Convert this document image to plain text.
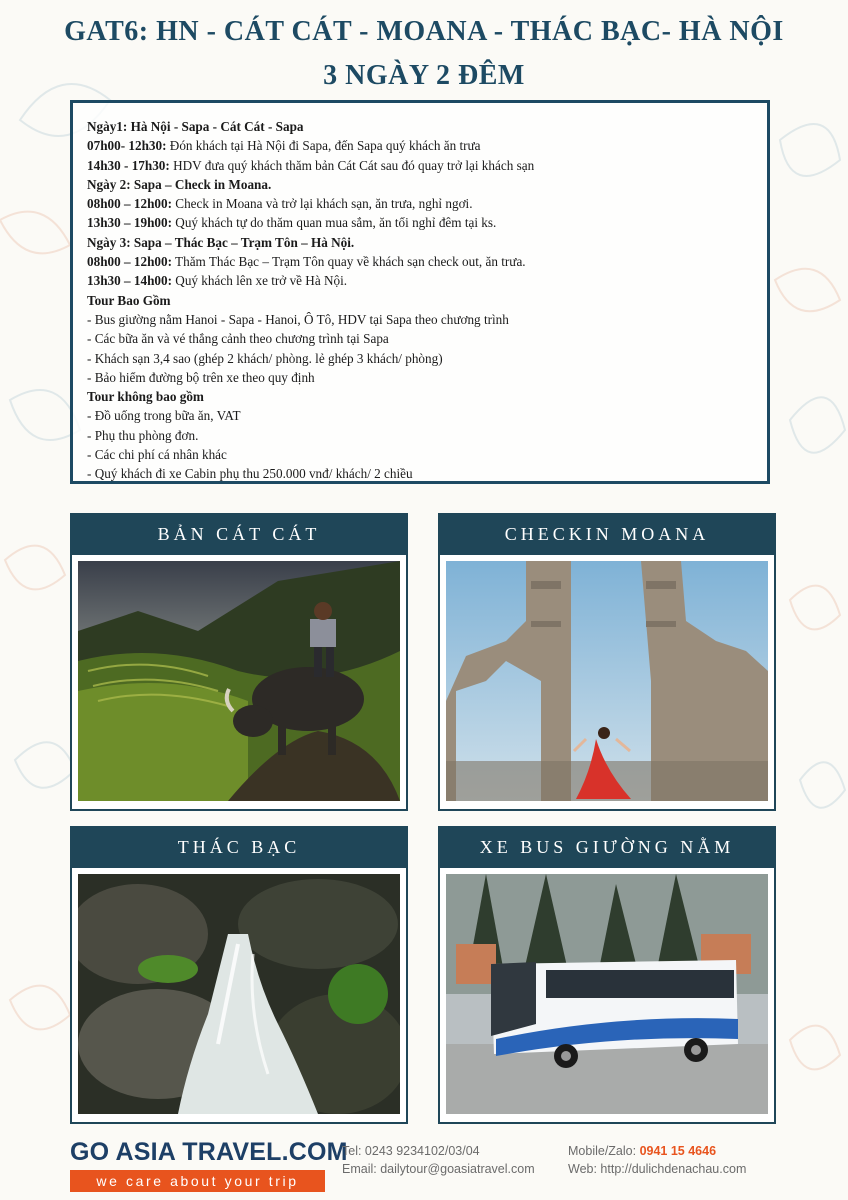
GAT6: HN - CÁT CÁT - MOANA - THÁC BẠC- HÀ NỘI
3 NGÀY 2 ĐÊM
Ngày1: Hà Nội - Sapa - Cát Cát - Sapa
07h00- 12h30: Đón khách tại Hà Nội đi Sapa, đến Sapa quý khách ăn trưa
14h30 - 17h30: HDV đưa quý khách thăm bản Cát Cát sau đó quay trở lại khách sạn
Ngày 2: Sapa – Check in Moana.
08h00 – 12h00: Check in Moana và trở lại khách sạn, ăn trưa, nghỉ ngơi.
13h30 – 19h00: Quý khách tự do thăm quan mua sắm, ăn tối nghỉ đêm tại ks.
Ngày 3: Sapa – Thác Bạc – Trạm Tôn – Hà Nội.
08h00 – 12h00: Thăm Thác Bạc – Trạm Tôn quay về khách sạn check out, ăn trưa.
13h30 – 14h00: Quý khách lên xe trở về Hà Nội.
Tour Bao Gồm
- Bus giường nằm Hanoi - Sapa - Hanoi, Ô Tô, HDV tại Sapa theo chương trình
- Các bữa ăn và vé thắng cảnh theo chương trình tại Sapa
- Khách sạn 3,4 sao (ghép 2 khách/ phòng. lẻ ghép 3 khách/ phòng)
- Bảo hiểm đường bộ trên xe theo quy định
Tour không bao gồm
- Đồ uống trong bữa ăn, VAT
- Phụ thu phòng đơn.
- Các chi phí cá nhân khác
- Quý khách đi xe Cabin phụ thu 250.000 vnđ/ khách/ 2 chiều
BẢN CÁT CÁT	CHECKIN MOANA
THÁC BẠC	XE BUS GIƯỜNG NẰM
GO ASIA TRAVEL.COM
we care about your trip
Tel: 0243 9234102/03/04	Mobile/Zalo: 0941 15 4646
Email: dailytour@goasiatravel.com	Web: http://dulichdenachau.com
